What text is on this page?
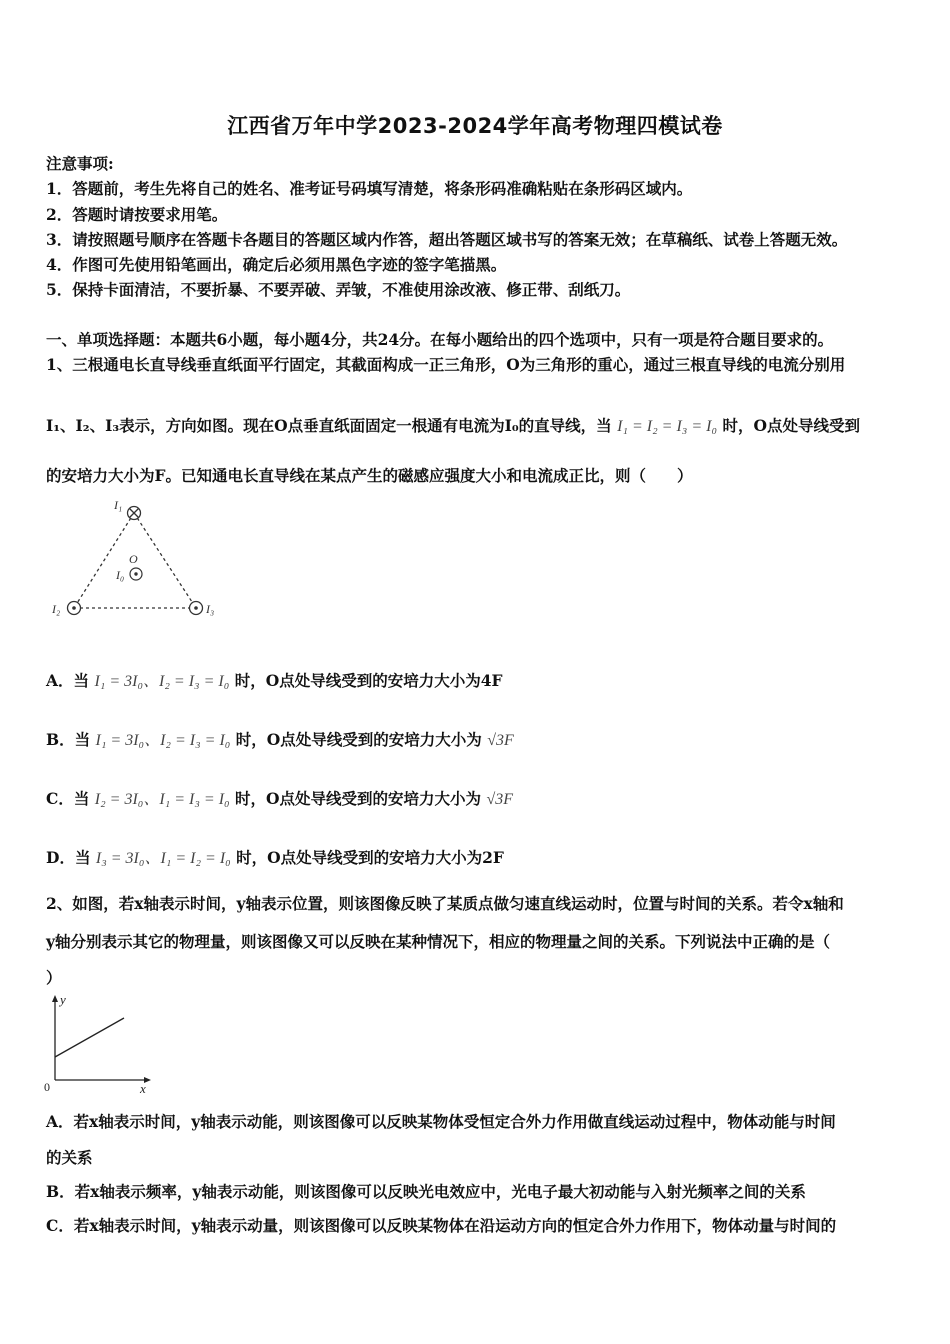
江西省万年中学2023-2024学年高考物理四模试卷
注意事项:
1．答题前，考生先将自己的姓名、准考证号码填写清楚，将条形码准确粘贴在条形码区域内。
2．答题时请按要求用笔。
3．请按照题号顺序在答题卡各题目的答题区域内作答，超出答题区域书写的答案无效；在草稿纸、试卷上答题无效。
4．作图可先使用铅笔画出，确定后必须用黑色字迹的签字笔描黑。
5．保持卡面清洁，不要折暴、不要弄破、弄皱，不准使用涂改液、修正带、刮纸刀。
一、单项选择题：本题共6小题，每小题4分，共24分。在每小题给出的四个选项中，只有一项是符合题目要求的。
1、三根通电长直导线垂直纸面平行固定，其截面构成一正三角形，O为三角形的重心，通过三根直导线的电流分别用
I₁、I₂、I₃表示，方向如图。现在O点垂直纸面固定一根通有电流为I₀的直导线，当 I₁ = I₂ = I₃ = I₀ 时，O点处导线受到
的安培力大小为F。已知通电长直导线在某点产生的磁感应强度大小和电流成正比，则（　　）
I₁
I₂	I₃
O
I₀
A．当 I₁ = 3I₀、I₂ = I₃ = I₀ 时，O点处导线受到的安培力大小为4F
B．当 I₁ = 3I₀、I₂ = I₃ = I₀ 时，O点处导线受到的安培力大小为 √3F
C．当 I₂ = 3I₀、I₁ = I₃ = I₀ 时，O点处导线受到的安培力大小为 √3F
D．当 I₃ = 3I₀、I₁ = I₂ = I₀ 时，O点处导线受到的安培力大小为2F
2、如图，若x轴表示时间，y轴表示位置，则该图像反映了某质点做匀速直线运动时，位置与时间的关系。若令x轴和
y轴分别表示其它的物理量，则该图像又可以反映在某种情况下，相应的物理量之间的关系。下列说法中正确的是（
）
y
x
0
A．若x轴表示时间，y轴表示动能，则该图像可以反映某物体受恒定合外力作用做直线运动过程中，物体动能与时间
的关系
B．若x轴表示频率，y轴表示动能，则该图像可以反映光电效应中，光电子最大初动能与入射光频率之间的关系
C．若x轴表示时间，y轴表示动量，则该图像可以反映某物体在沿运动方向的恒定合外力作用下，物体动量与时间的
